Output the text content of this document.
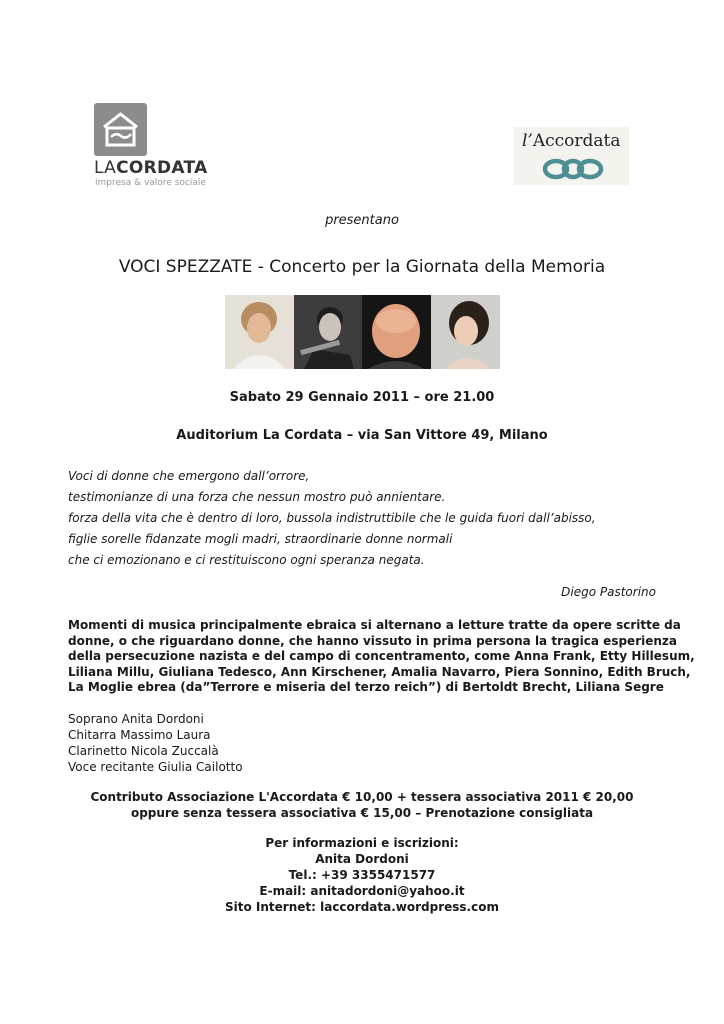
LACORDATA
impresa & valore sociale
l’Accordata
presentano
VOCI SPEZZATE - Concerto per la Giornata della Memoria
Sabato 29 Gennaio 2011 – ore 21.00
Auditorium La Cordata – via San Vittore 49, Milano
Voci di donne che emergono dall’orrore,
testimonianze di una forza che nessun mostro può annientare.
forza della vita che è dentro di loro, bussola indistruttibile che le guida fuori dall’abisso,
figlie sorelle fidanzate mogli madri, straordinarie donne normali
che ci emozionano e ci restituiscono ogni speranza negata.
Diego Pastorino
Momenti di musica principalmente ebraica si alternano a letture tratte da opere scritte da
donne, o che riguardano donne, che hanno vissuto in prima persona la tragica esperienza
della persecuzione nazista e del campo di concentramento, come Anna Frank, Etty Hillesum,
Liliana Millu, Giuliana Tedesco, Ann Kirschener, Amalia Navarro, Piera Sonnino, Edith Bruch,
La Moglie ebrea (da”Terrore e miseria del terzo reich”) di Bertoldt Brecht, Liliana Segre
Soprano Anita Dordoni
Chitarra Massimo Laura
Clarinetto Nicola Zuccalà
Voce recitante Giulia Cailotto
Contributo Associazione L'Accordata € 10,00 + tessera associativa 2011 € 20,00
oppure senza tessera associativa € 15,00 – Prenotazione consigliata
Per informazioni e iscrizioni:
Anita Dordoni
Tel.: +39 3355471577
E-mail: anitadordoni@yahoo.it
Sito Internet: laccordata.wordpress.com
